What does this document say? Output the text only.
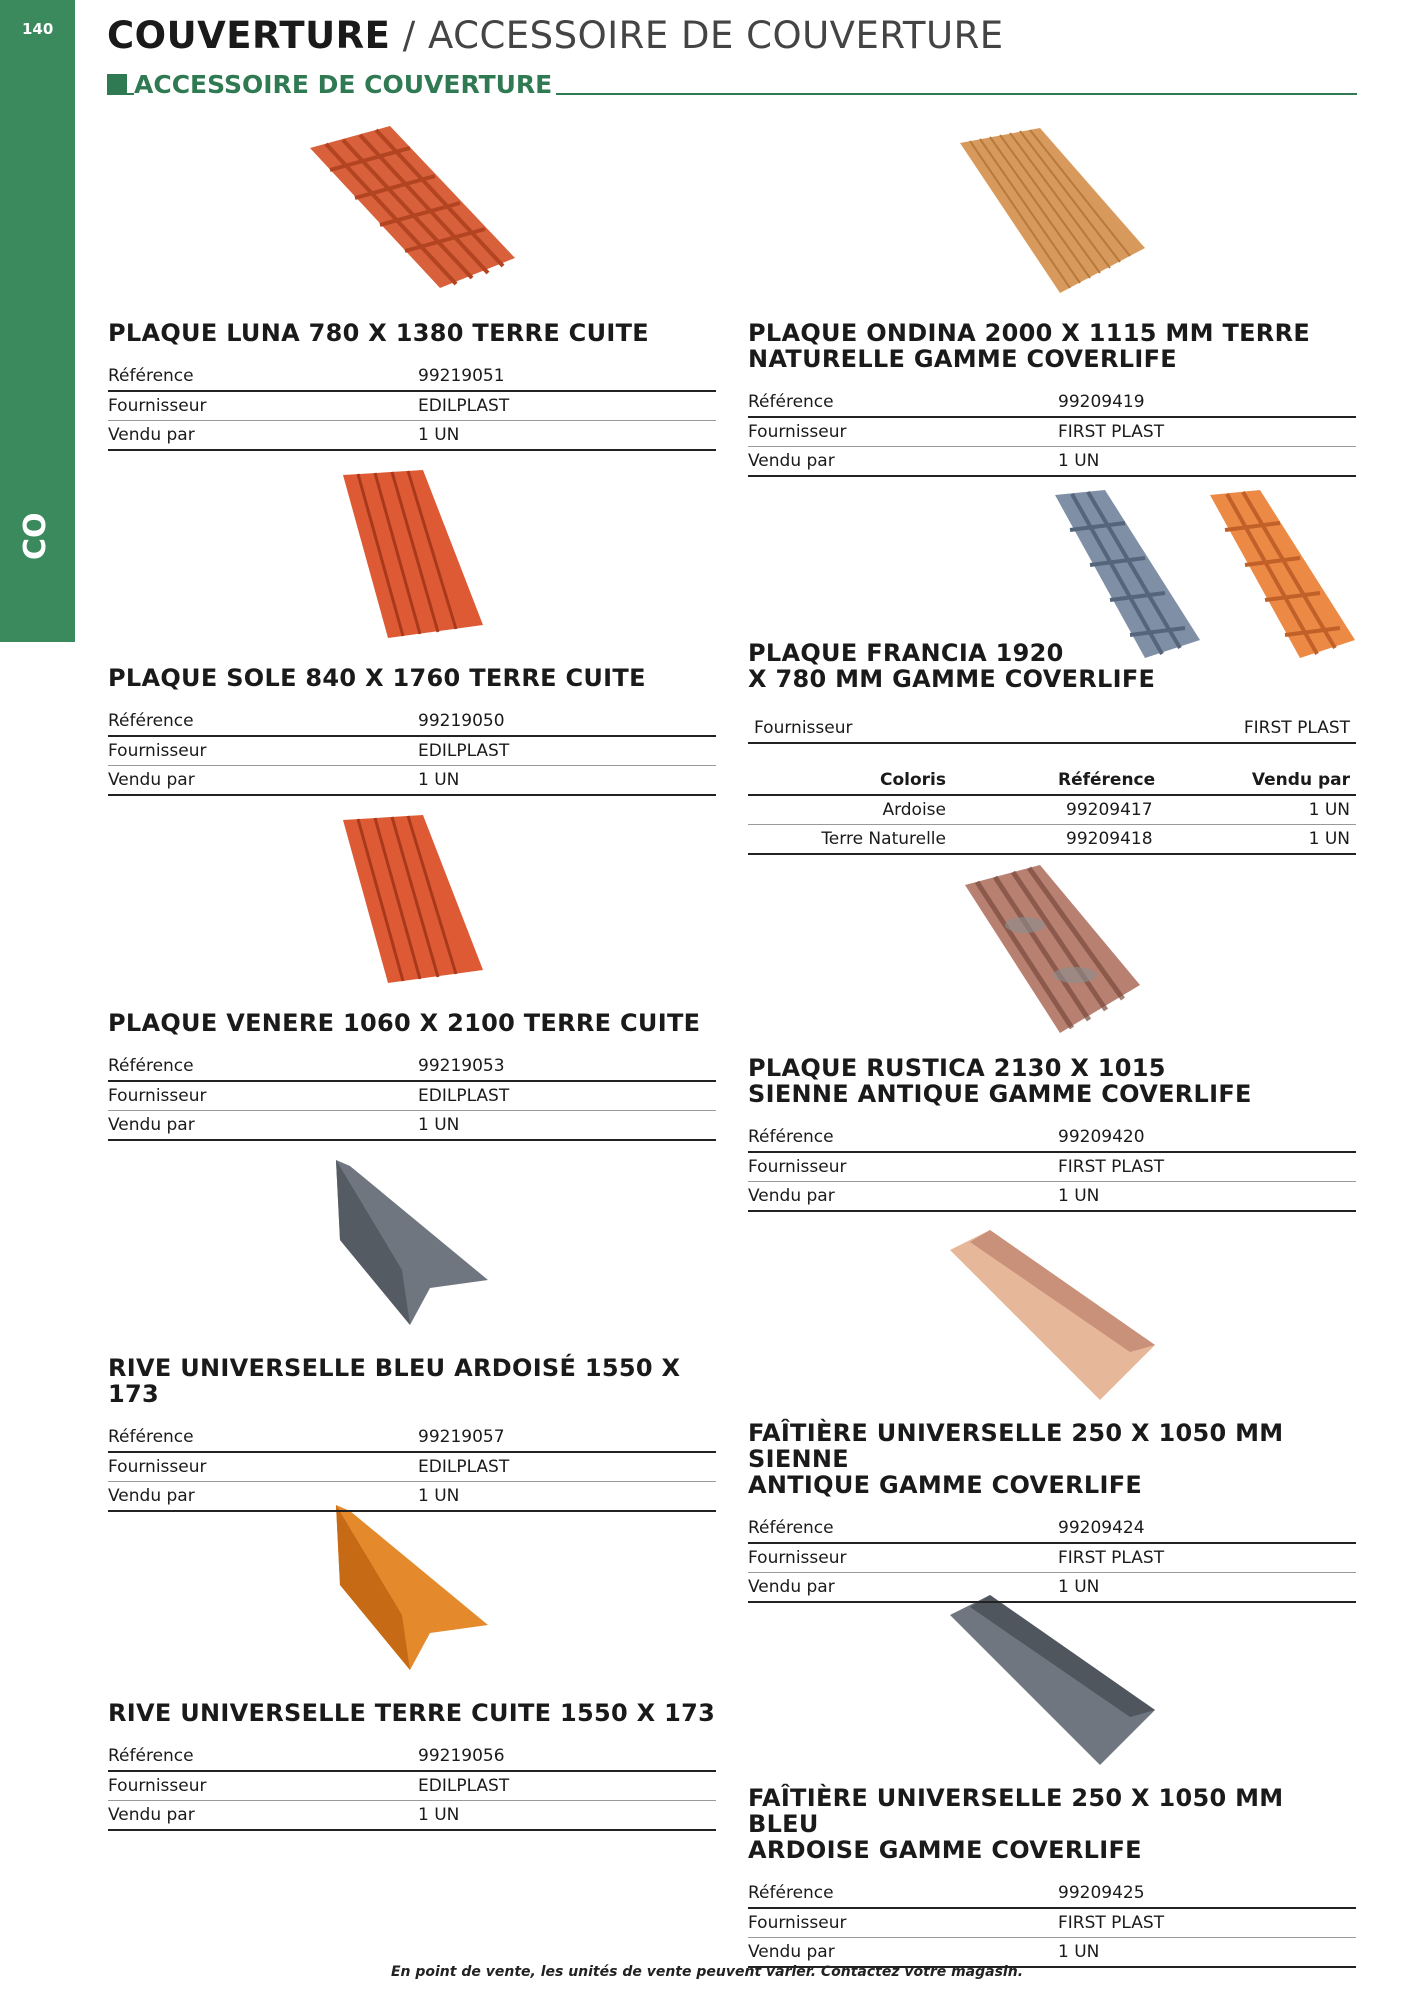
140
CO
COUVERTURE / ACCESSOIRE DE COUVERTURE
ACCESSOIRE DE COUVERTURE
PLAQUE LUNA 780 X 1380 TERRE CUITE
Référence	99219051
Fournisseur	EDILPLAST
Vendu par	1 UN
PLAQUE SOLE 840 X 1760 TERRE CUITE
Référence	99219050
Fournisseur	EDILPLAST
Vendu par	1 UN
PLAQUE VENERE 1060 X 2100 TERRE CUITE
Référence	99219053
Fournisseur	EDILPLAST
Vendu par	1 UN
RIVE UNIVERSELLE BLEU ARDOISÉ 1550 X 173
Référence	99219057
Fournisseur	EDILPLAST
Vendu par	1 UN
RIVE UNIVERSELLE TERRE CUITE 1550 X 173
Référence	99219056
Fournisseur	EDILPLAST
Vendu par	1 UN
PLAQUE ONDINA 2000 X 1115 MM TERRE
NATURELLE GAMME COVERLIFE
Référence	99209419
Fournisseur	FIRST PLAST
Vendu par	1 UN
PLAQUE FRANCIA 1920
X 780 MM GAMME COVERLIFE
Fournisseur	FIRST PLAST
Coloris	Référence	Vendu par
Ardoise	99209417	1 UN
Terre Naturelle	99209418	1 UN
PLAQUE RUSTICA 2130 X 1015
SIENNE ANTIQUE GAMME COVERLIFE
Référence	99209420
Fournisseur	FIRST PLAST
Vendu par	1 UN
FAÎTIÈRE UNIVERSELLE 250 X 1050 MM SIENNE
ANTIQUE GAMME COVERLIFE
Référence	99209424
Fournisseur	FIRST PLAST
Vendu par	1 UN
FAÎTIÈRE UNIVERSELLE 250 X 1050 MM BLEU
ARDOISE GAMME COVERLIFE
Référence	99209425
Fournisseur	FIRST PLAST
Vendu par	1 UN
En point de vente, les unités de vente peuvent varier. Contactez votre magasin.
